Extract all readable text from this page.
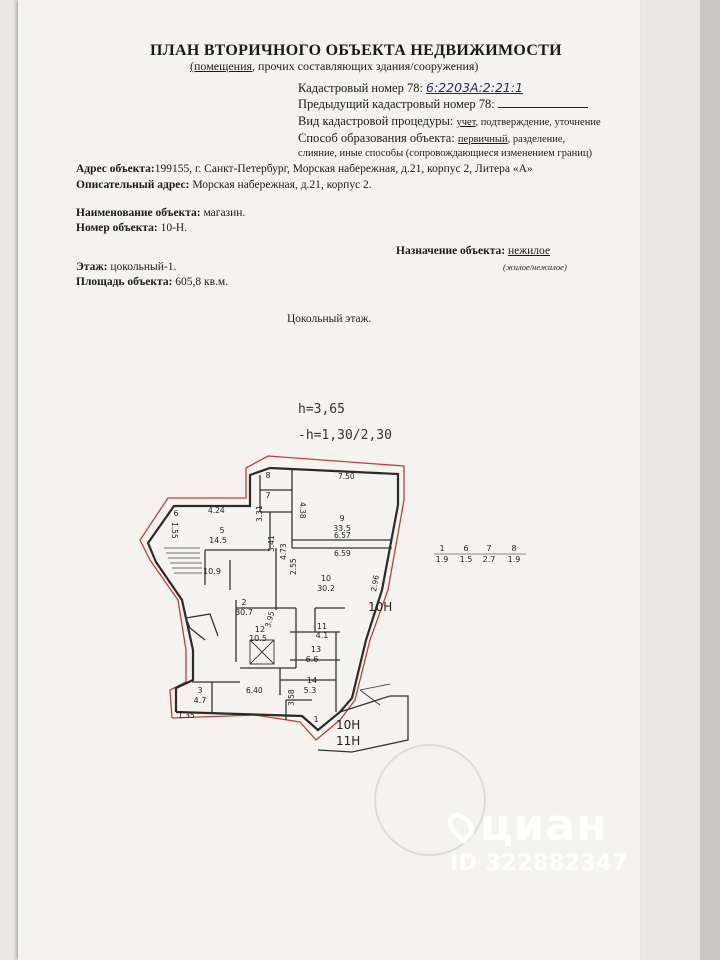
ПЛАН ВТОРИЧНОГО ОБЪЕКТА НЕДВИЖИМОСТИ
(помещения, прочих составляющих здания/сооружения)
Кадастровый номер 78: 6:2203А:2:21:1
Предыдущий кадастровый номер 78:
Вид кадастровой процедуры: учет, подтверждение, уточнение
Способ образования объекта: первичный, разделение,
слияние, иные способы (сопровождающиеся изменением границ)
Адрес объекта:199155, г. Санкт-Петербург, Морская набережная, д.21, корпус 2, Литера «А»
Описательный адрес: Морская набережная, д.21, корпус 2.
Наименование объекта: магазин.
Номер объекта: 10-Н.
Назначение объекта: нежилое
(жилое/нежилое)
Этаж: цокольный-1.
Площадь объекта: 605,8 кв.м.
Цокольный этаж.
h=3,65
-h=1,30/2,30
9
33.5
10
30.2
2
30.7
3
4.7
10.9
5
14.5
6
11
4.1
12
10.5
13
6.6
14
5.3
7
8
1
7.50
4.24
6.57
6.59
6.40
1.35
4.38
3.31
3.41 4.73
2.55
2.96
3.95
1.55
3.58
1 6 7 8
1.9 1.5 2.7 1.9
10Н
10Н
11Н
циан
ID 322882347
